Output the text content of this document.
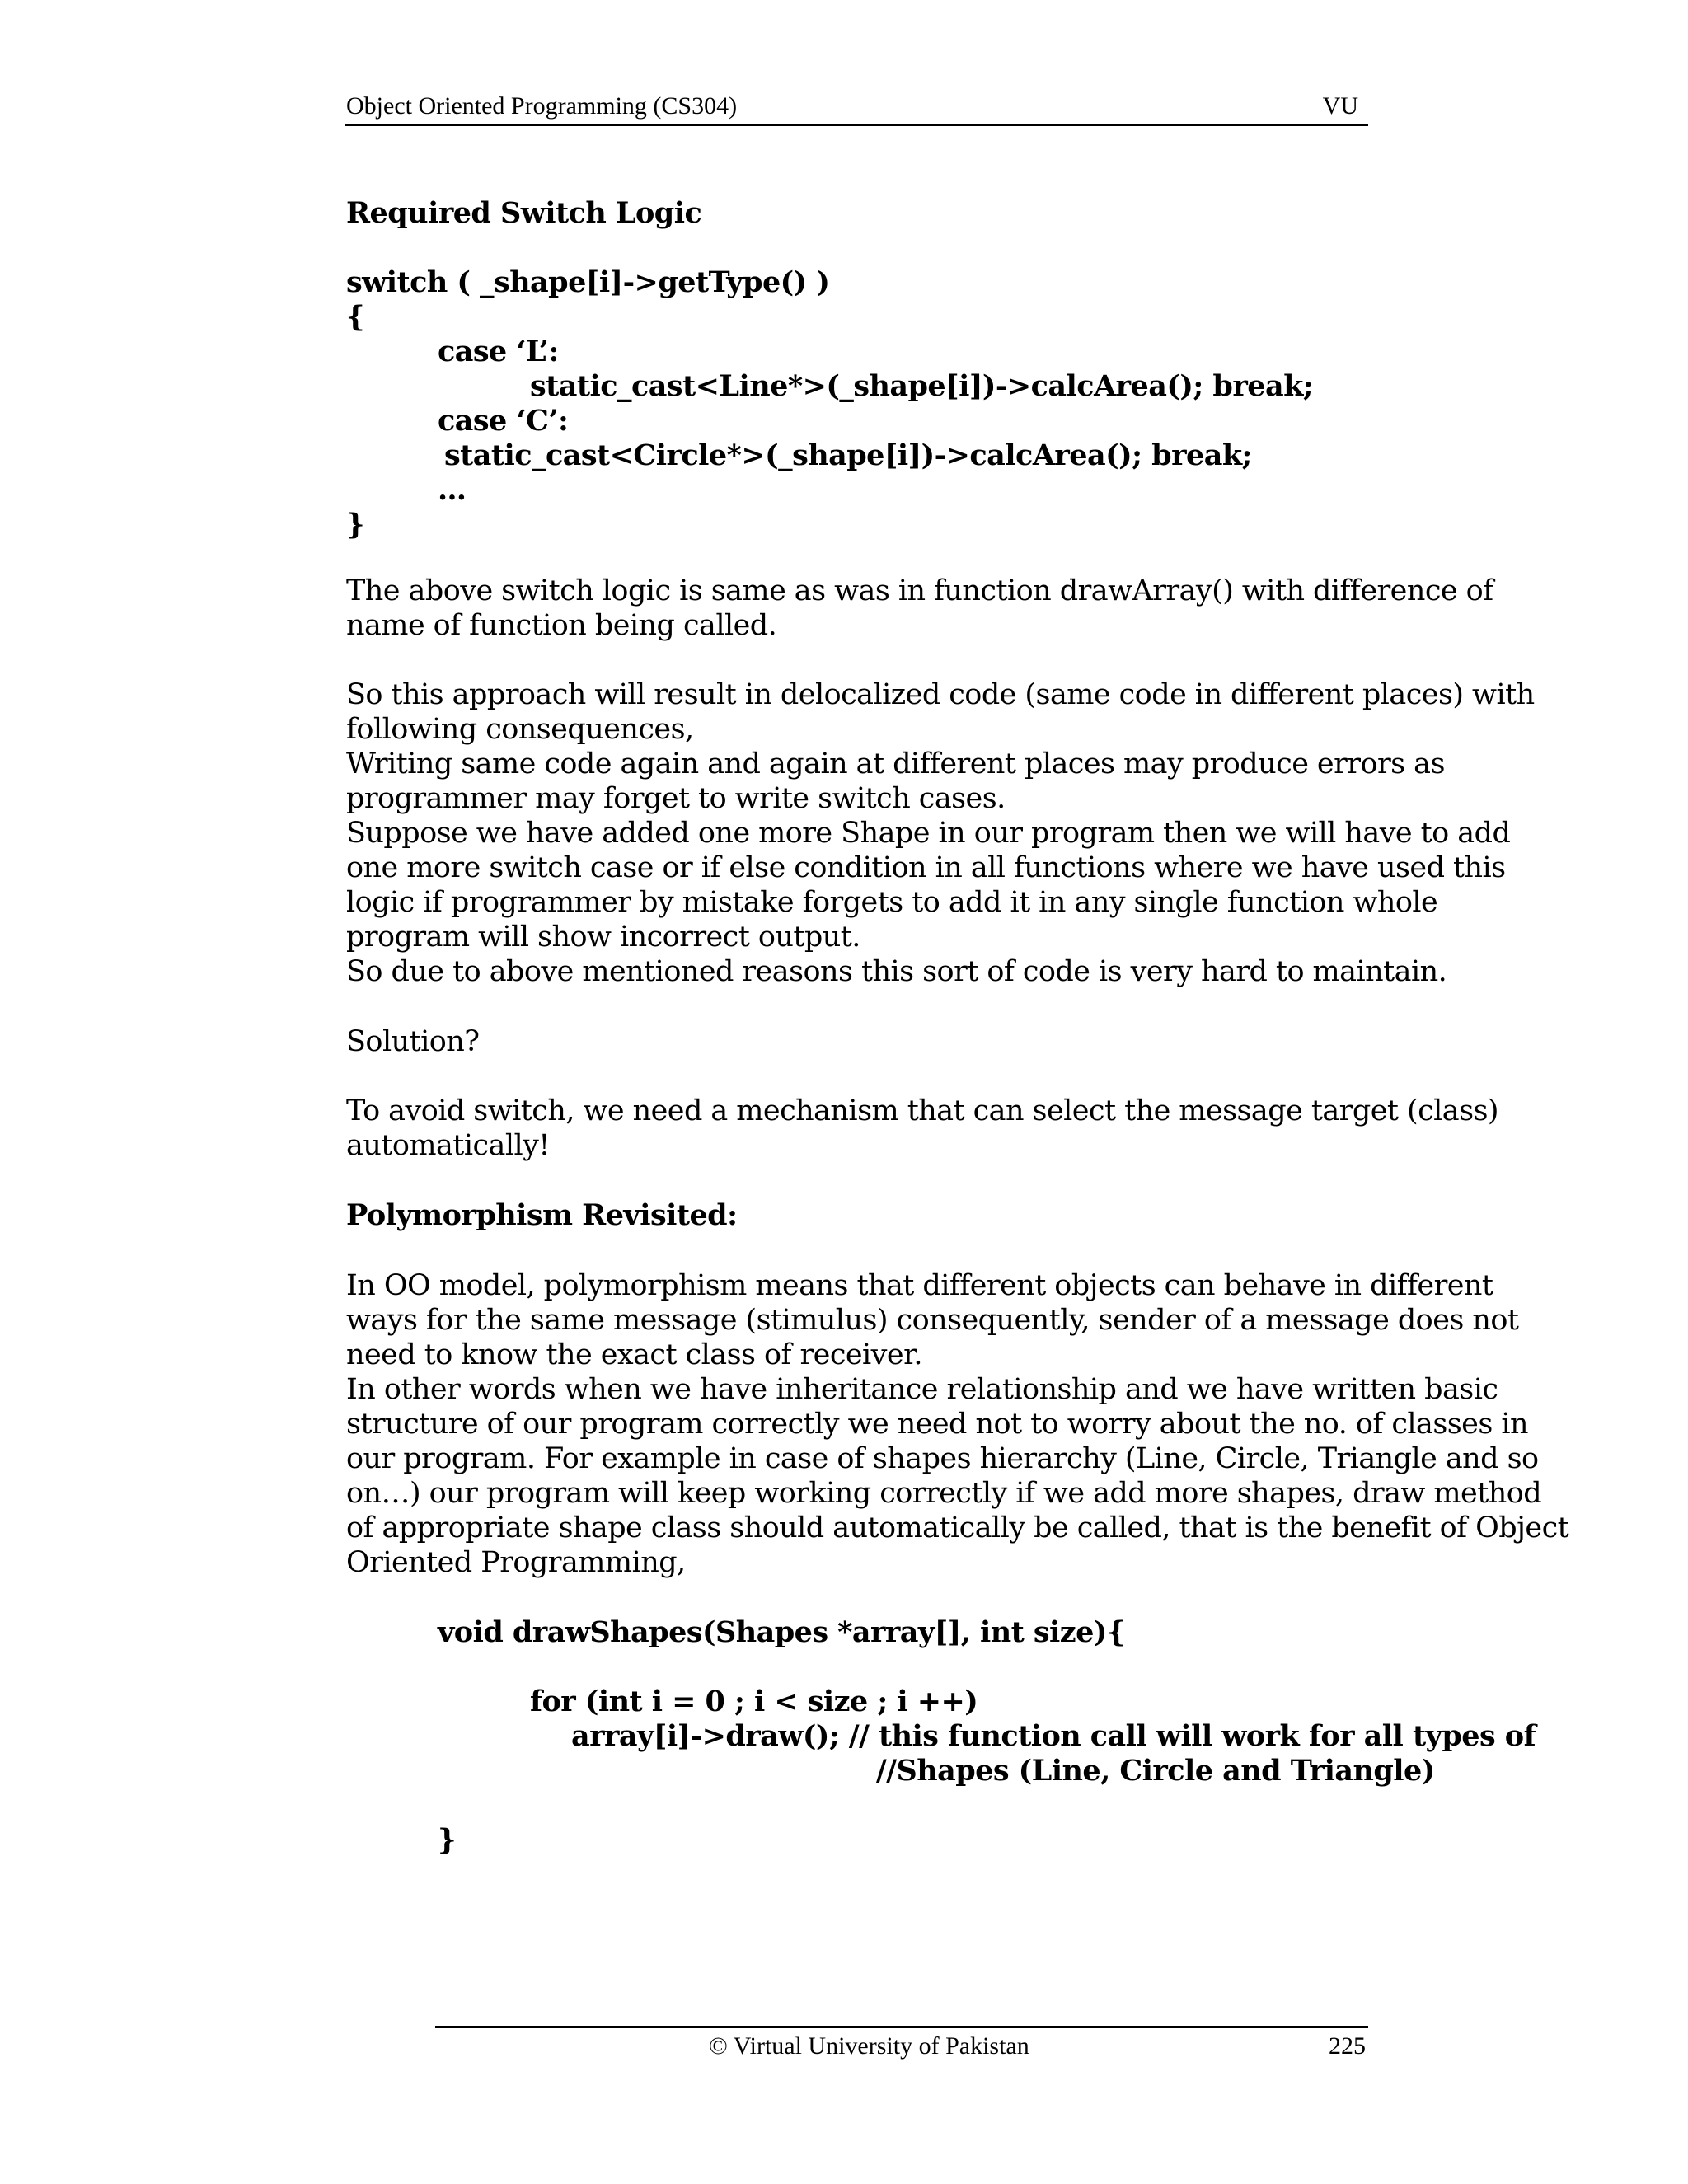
Object Oriented Programming (CS304)	VU
Required Switch Logic
switch ( _shape[i]->getType() )
{
case ‘L’:
static_cast<Line*>(_shape[i])->calcArea(); break;
case ‘C’:
static_cast<Circle*>(_shape[i])->calcArea(); break;
…
}
The above switch logic is same as was in function drawArray() with difference of
name of function being called.
So this approach will result in delocalized code (same code in different places) with
following consequences,
Writing same code again and again at different places may produce errors as
programmer may forget to write switch cases.
Suppose we have added one more Shape in our program then we will have to add
one more switch case or if else condition in all functions where we have used this
logic if programmer by mistake forgets to add it in any single function whole
program will show incorrect output.
So due to above mentioned reasons this sort of code is very hard to maintain.
Solution?
To avoid switch, we need a mechanism that can select the message target (class)
automatically!
Polymorphism Revisited:
In OO model, polymorphism means that different objects can behave in different
ways for the same message (stimulus) consequently, sender of a message does not
need to know the exact class of receiver.
In other words when we have inheritance relationship and we have written basic
structure of our program correctly we need not to worry about the no. of classes in
our program. For example in case of shapes hierarchy (Line, Circle, Triangle and so
on…) our program will keep working correctly if we add more shapes, draw method
of appropriate shape class should automatically be called, that is the benefit of Object
Oriented Programming,
void drawShapes(Shapes *array[], int size){
for (int i = 0 ; i < size ; i ++)
array[i]->draw(); // this function call will work for all types of
//Shapes (Line, Circle and Triangle)
}
© Virtual University of Pakistan	225
